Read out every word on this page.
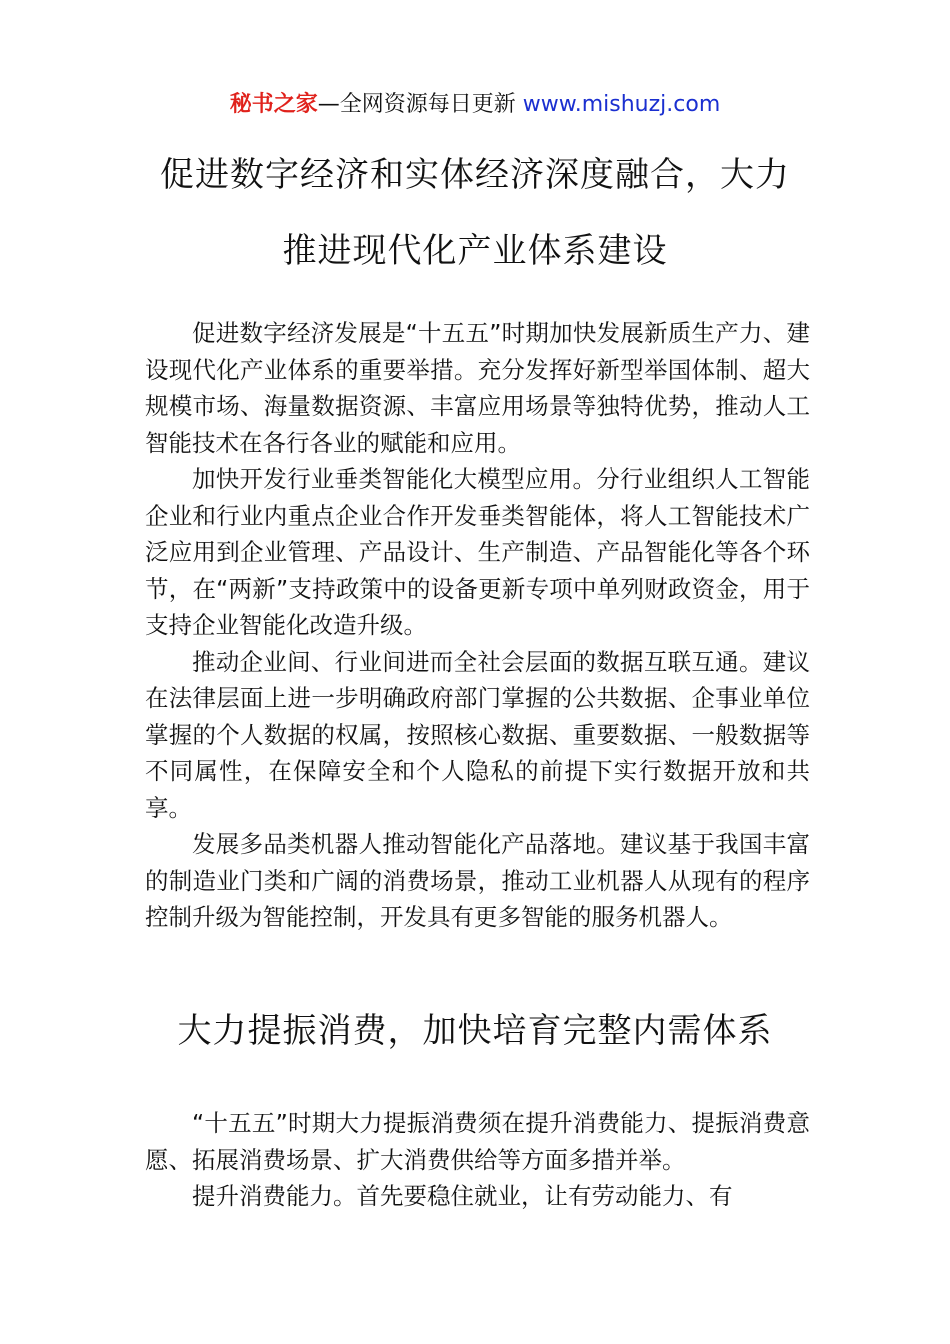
秘书之家—全网资源每日更新 www.mishuzj.com
促进数字经济和实体经济深度融合，大力
推进现代化产业体系建设

促进数字经济发展是“十五五”时期加快发展新质生产力、建设现代化产业体系的重要举措。充分发挥好新型举国体制、超大规模市场、海量数据资源、丰富应用场景等独特优势，推动人工智能技术在各行各业的赋能和应用。

加快开发行业垂类智能化大模型应用。分行业组织人工智能企业和行业内重点企业合作开发垂类智能体，将人工智能技术广泛应用到企业管理、产品设计、生产制造、产品智能化等各个环节，在“两新”支持政策中的设备更新专项中单列财政资金，用于支持企业智能化改造升级。

推动企业间、行业间进而全社会层面的数据互联互通。建议在法律层面上进一步明确政府部门掌握的公共数据、企事业单位掌握的个人数据的权属，按照核心数据、重要数据、一般数据等不同属性，在保障安全和个人隐私的前提下实行数据开放和共享。

发展多品类机器人推动智能化产品落地。建议基于我国丰富的制造业门类和广阔的消费场景，推动工业机器人从现有的程序控制升级为智能控制，开发具有更多智能的服务机器人。

大力提振消费，加快培育完整内需体系

“十五五”时期大力提振消费须在提升消费能力、提振消费意愿、拓展消费场景、扩大消费供给等方面多措并举。

提升消费能力。首先要稳住就业，让有劳动能力、有
